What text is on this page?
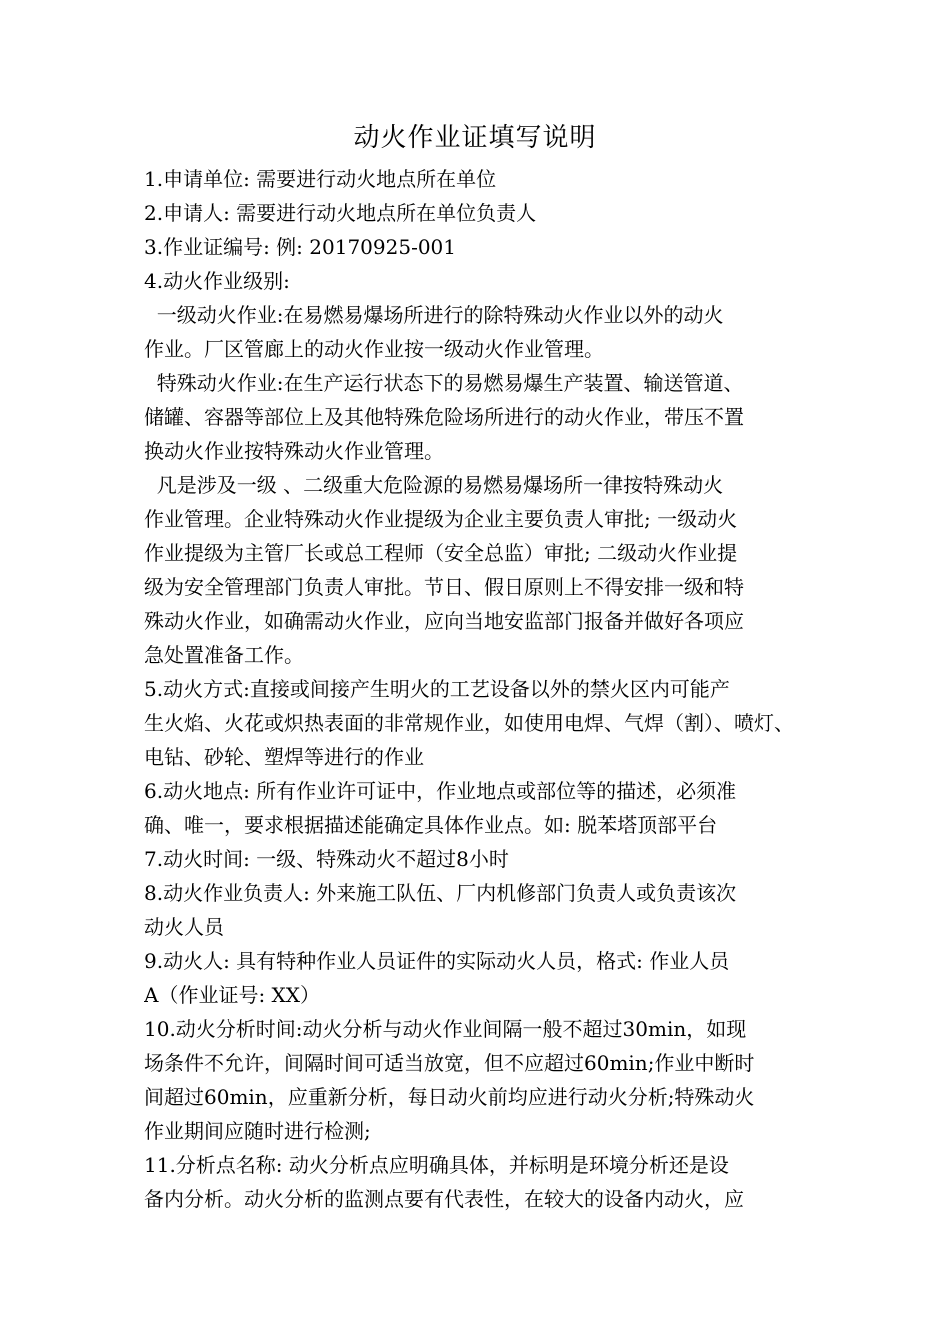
动火作业证填写说明
1.申请单位: 需要进行动火地点所在单位
2.申请人: 需要进行动火地点所在单位负责人
3.作业证编号: 例: 20170925-001
4.动火作业级别:
一级动火作业:在易燃易爆场所进行的除特殊动火作业以外的动火
作业。厂区管廊上的动火作业按一级动火作业管理。
特殊动火作业:在生产运行状态下的易燃易爆生产装置、输送管道、
储罐、容器等部位上及其他特殊危险场所进行的动火作业，带压不置
换动火作业按特殊动火作业管理。
凡是涉及一级 、二级重大危险源的易燃易爆场所一律按特殊动火
作业管理。企业特殊动火作业提级为企业主要负责人审批; 一级动火
作业提级为主管厂长或总工程师（安全总监）审批; 二级动火作业提
级为安全管理部门负责人审批。节日、假日原则上不得安排一级和特
殊动火作业，如确需动火作业，应向当地安监部门报备并做好各项应
急处置准备工作。
5.动火方式:直接或间接产生明火的工艺设备以外的禁火区内可能产
生火焰、火花或炽热表面的非常规作业，如使用电焊、气焊（割）、喷灯、
电钻、砂轮、塑焊等进行的作业
6.动火地点: 所有作业许可证中，作业地点或部位等的描述，必须准
确、唯一，要求根据描述能确定具体作业点。如: 脱苯塔顶部平台
7.动火时间: 一级、特殊动火不超过8小时
8.动火作业负责人: 外来施工队伍、厂内机修部门负责人或负责该次
动火人员
9.动火人: 具有特种作业人员证件的实际动火人员，格式: 作业人员
A（作业证号: XX）
10.动火分析时间:动火分析与动火作业间隔一般不超过30min，如现
场条件不允许，间隔时间可适当放宽，但不应超过60min;作业中断时
间超过60min，应重新分析，每日动火前均应进行动火分析;特殊动火
作业期间应随时进行检测;
11.分析点名称: 动火分析点应明确具体，并标明是环境分析还是设
备内分析。动火分析的监测点要有代表性，在较大的设备内动火，应
